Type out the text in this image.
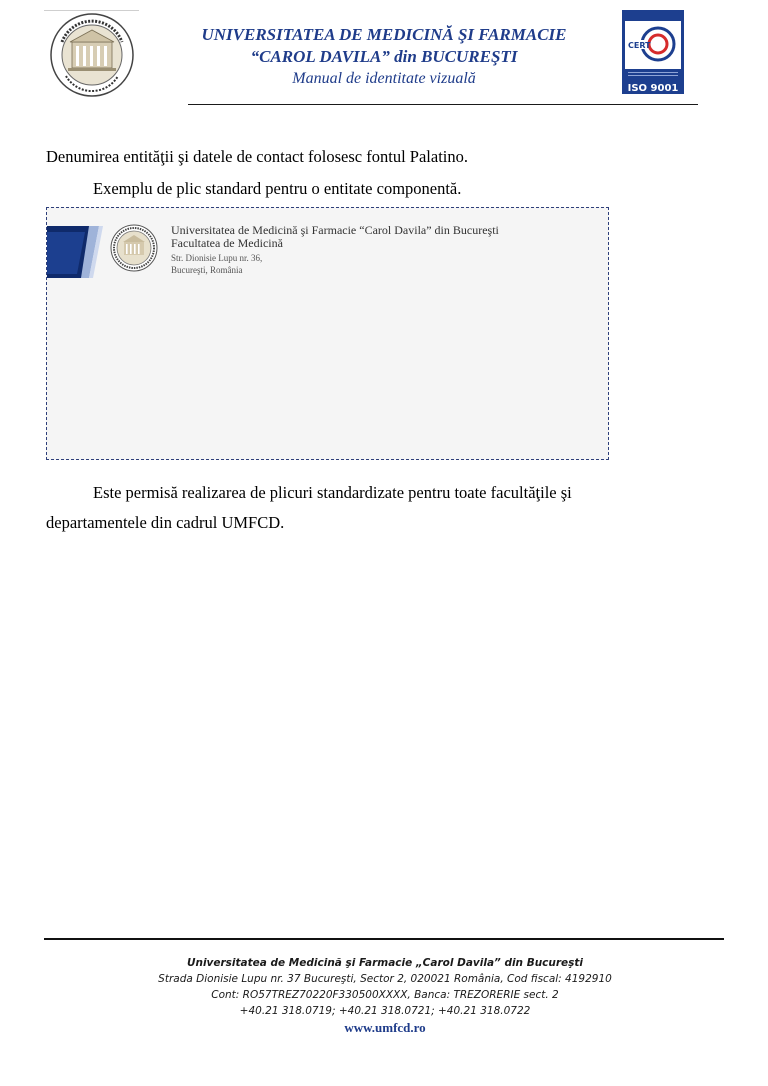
UNIVERSITATEA DE MEDICINĂ ŞI FARMACIE
“CAROL DAVILA” din BUCUREŞTI
Manual de identitate vizuală
CERT
ISO 9001
Denumirea entităţii şi datele de contact folosesc fontul Palatino.
Exemplu de plic standard pentru o entitate componentă.
Universitatea de Medicină şi Farmacie “Carol Davila” din Bucureşti
Facultatea de Medicină
Str. Dionisie Lupu nr. 36,
Bucureşti, România
Este permisă realizarea de plicuri standardizate pentru toate facultăţile şi
departamentele din cadrul UMFCD.
Universitatea de Medicină şi Farmacie „Carol Davila” din Bucureşti
Strada Dionisie Lupu nr. 37 Bucureşti, Sector 2, 020021 România, Cod fiscal: 4192910
Cont: RO57TREZ70220F330500XXXX, Banca: TREZORERIE sect. 2
+40.21 318.0719; +40.21 318.0721; +40.21 318.0722
www.umfcd.ro
